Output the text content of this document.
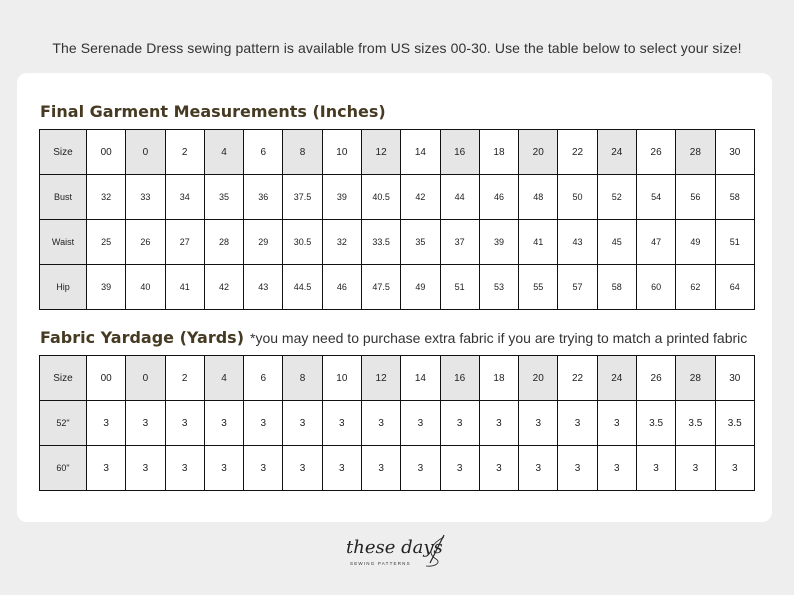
The Serenade Dress sewing pattern is available from US sizes 00-30. Use the table below to select your size!
Final Garment Measurements (Inches)
Size	00	0	2	4	6	8	10	12	14	16	18	20	22	24	26	28	30
Bust	32	33	34	35	36	37.5	39	40.5	42	44	46	48	50	52	54	56	58
Waist	25	26	27	28	29	30.5	32	33.5	35	37	39	41	43	45	47	49	51
Hip	39	40	41	42	43	44.5	46	47.5	49	51	53	55	57	58	60	62	64
Fabric Yardage (Yards) *you may need to purchase extra fabric if you are trying to match a printed fabric
Size	00	0	2	4	6	8	10	12	14	16	18	20	22	24	26	28	30
52"	3	3	3	3	3	3	3	3	3	3	3	3	3	3	3.5	3.5	3.5
60"	3	3	3	3	3	3	3	3	3	3	3	3	3	3	3	3	3
these days
SEWING PATTERNS
